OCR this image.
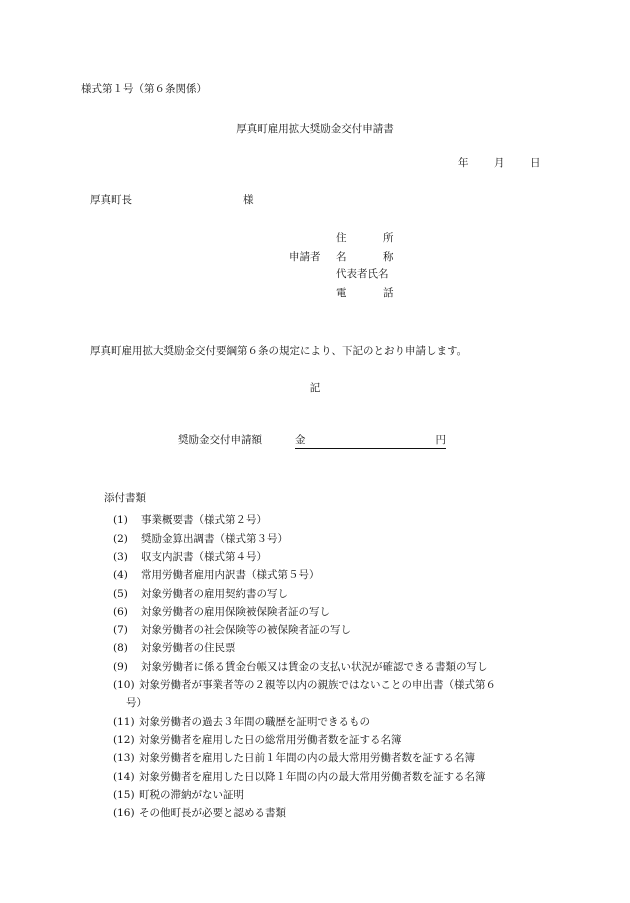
様式第１号（第６条関係）
厚真町雇用拡大奨励金交付申請書
年 月 日
厚真町長	様
申請者
住	所
名	称
代表者氏名
電	話
厚真町雇用拡大奨励金交付要綱第６条の規定により、下記のとおり申請します。
記
奨励金交付申請額	金	円
添付書類
(1)	事業概要書（様式第２号）
(2)	奨励金算出調書（様式第３号）
(3)	収支内訳書（様式第４号）
(4)	常用労働者雇用内訳書（様式第５号）
(5)	対象労働者の雇用契約書の写し
(6)	対象労働者の雇用保険被保険者証の写し
(7)	対象労働者の社会保険等の被保険者証の写し
(8)	対象労働者の住民票
(9)	対象労働者に係る賃金台帳又は賃金の支払い状況が確認できる書類の写し
(10) 対象労働者が事業者等の２親等以内の親族ではないことの申出書（様式第６
号）
(11) 対象労働者の過去３年間の職歴を証明できるもの
(12) 対象労働者を雇用した日の総常用労働者数を証する名簿
(13) 対象労働者を雇用した日前１年間の内の最大常用労働者数を証する名簿
(14) 対象労働者を雇用した日以降１年間の内の最大常用労働者数を証する名簿
(15) 町税の滞納がない証明
(16) その他町長が必要と認める書類
